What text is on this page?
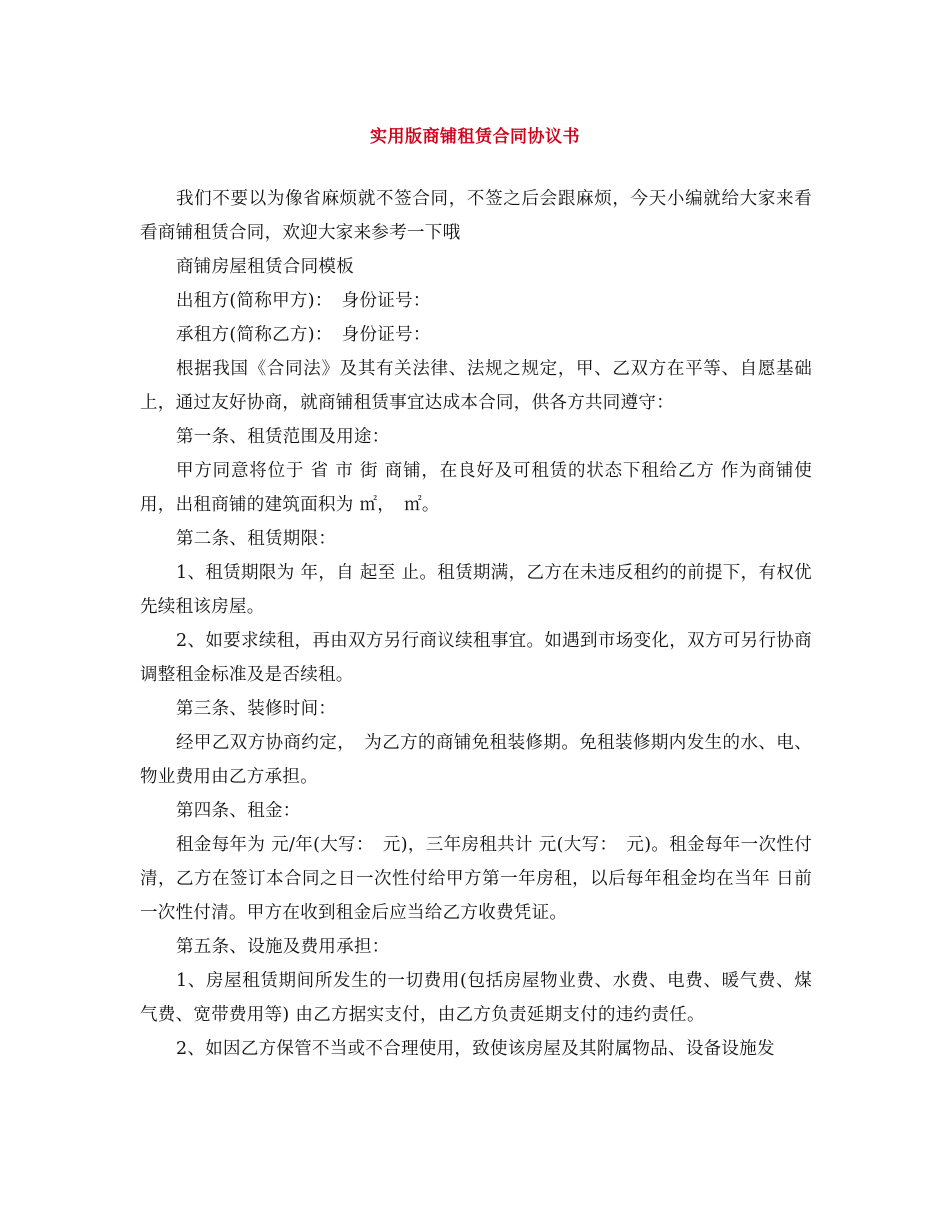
实用版商铺租赁合同协议书

我们不要以为像省麻烦就不签合同，不签之后会跟麻烦，今天小编就给大家来看看商铺租赁合同，欢迎大家来参考一下哦

商铺房屋租赁合同模板

出租方(简称甲方)：　身份证号：

承租方(简称乙方)：　身份证号：

根据我国《合同法》及其有关法律、法规之规定，甲、乙双方在平等、自愿基础上，通过友好协商，就商铺租赁事宜达成本合同，供各方共同遵守：

第一条、租赁范围及用途：

甲方同意将位于 省 市 街 商铺，在良好及可租赁的状态下租给乙方 作为商铺使用，出租商铺的建筑面积为 ㎡，　㎡。

第二条、租赁期限：

1、租赁期限为 年，自 起至 止。租赁期满，乙方在未违反租约的前提下，有权优先续租该房屋。

2、如要求续租，再由双方另行商议续租事宜。如遇到市场变化，双方可另行协商调整租金标准及是否续租。

第三条、装修时间：

经甲乙双方协商约定，　为乙方的商铺免租装修期。免租装修期内发生的水、电、物业费用由乙方承担。

第四条、租金：

租金每年为 元/年(大写：　元)，三年房租共计 元(大写：　元)。租金每年一次性付清，乙方在签订本合同之日一次性付给甲方第一年房租，以后每年租金均在当年 日前一次性付清。甲方在收到租金后应当给乙方收费凭证。

第五条、设施及费用承担：

1、房屋租赁期间所发生的一切费用(包括房屋物业费、水费、电费、暖气费、煤气费、宽带费用等) 由乙方据实支付，由乙方负责延期支付的违约责任。

2、如因乙方保管不当或不合理使用，致使该房屋及其附属物品、设备设施发
